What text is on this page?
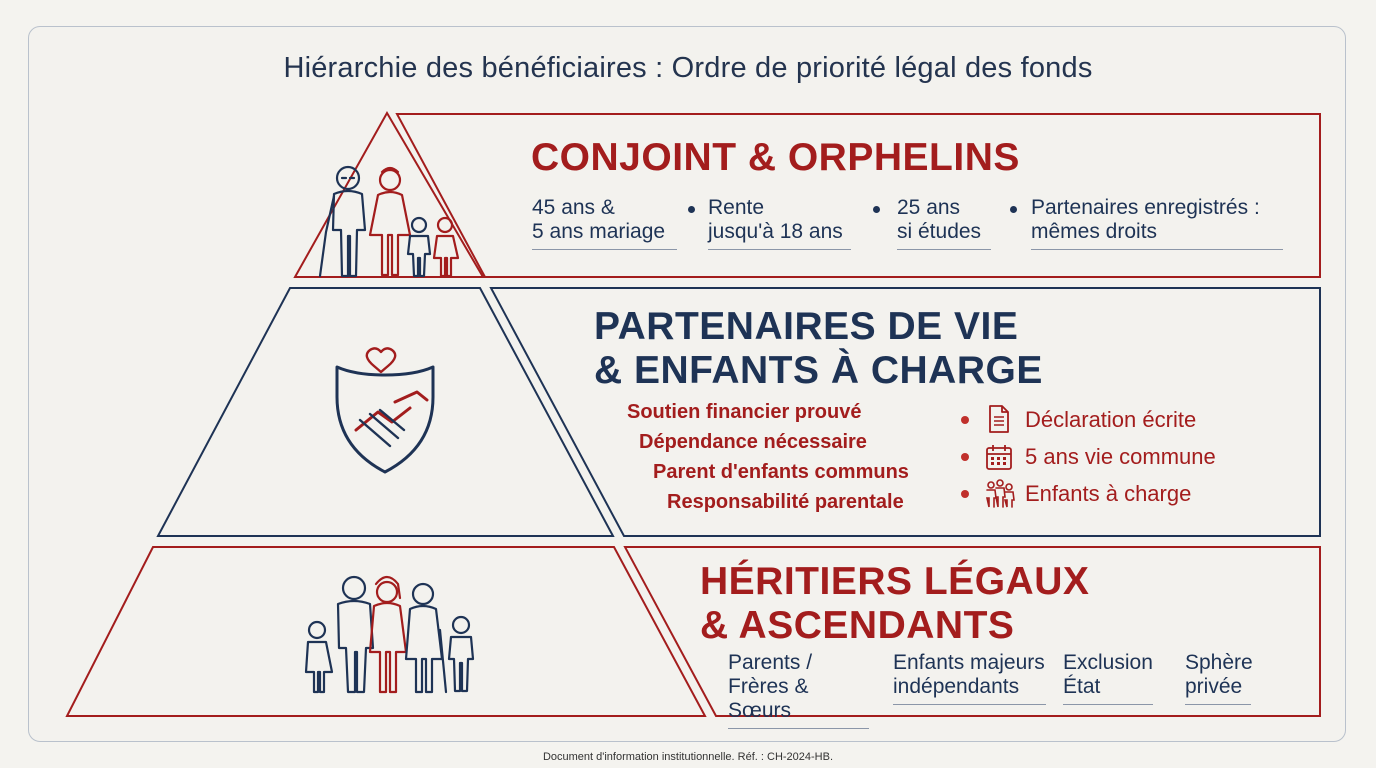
Hiérarchie des bénéficiaires : Ordre de priorité légal des fonds
CONJOINT & ORPHELINS
45 ans &
5 ans mariage
Rente
jusqu'à 18 ans
25 ans
si études
Partenaires enregistrés :
mêmes droits
PARTENAIRES DE VIE
& ENFANTS À CHARGE
Soutien financier prouvé
Dépendance nécessaire
Parent d'enfants communs
Responsabilité parentale
Déclaration écrite
5 ans vie commune
Enfants à charge
HÉRITIERS LÉGAUX
& ASCENDANTS
Parents /
Frères & Sœurs
Enfants majeurs
indépendants
Exclusion
État
Sphère
privée
Document d'information institutionnelle. Réf. : CH-2024-HB.
